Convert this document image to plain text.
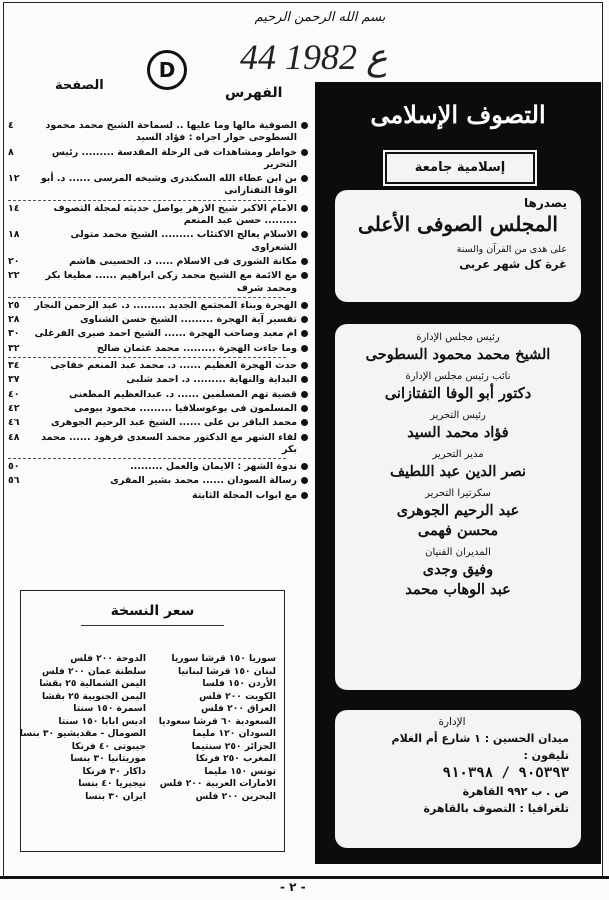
بسم الله الرحمن الرحيم
44 ع 1982
D
الصفحة	الفهرس
الصوفية مالها وما عليها .. لسماحة الشيخ محمد محمود السطوحى حوار اجراه : فؤاد السيد
٤
خواطر ومشاهدات فى الرحلة المقدسة ......... رئيس التحرير
٨
بن ابن عطاء الله السكندرى وشيخه المرسى ...... د. أبو الوفا التفتازانى
١٢
الامام الاكبر شيخ الازهر يواصل حديثه لمجلة التصوف ......... حسن عبد المنعم
١٤
الاسلام يعالج الاكتئاب ......... الشيخ محمد متولى الشعراوى
١٨
مكانة الشورى فى الاسلام ..... د. الحسينى هاشم
٢٠
مع الائمة مع الشيخ محمد زكى ابراهيم ...... مطيعا بكر ومحمد شرف
٢٢
الهجرة وبناء المجتمع الجديد ......... د. عبد الرحمن النجار
٢٥
تفسير آية الهجرة ......... الشيخ حسن الشناوى
٢٨
ام معبد وصاحب الهجرة ...... الشيخ احمد صبرى الفرغلى
٣٠
وما جاءت الهجرة ......... محمد عثمان صالح
٣٢
حدث الهجرة العظيم ...... د. محمد عبد المنعم خفاجى
٣٤
البداية والنهاية ......... د. احمد شلبى
٣٧
قضية تهم المسلمين ...... د. عبدالعظيم المطعنى
٤٠
المسلمون فى يوغوسلافيا ......... محمود بيومى
٤٢
محمد الباقر بن على ...... الشيخ عبد الرحيم الجوهرى
٤٦
لقاء الشهر مع الدكتور محمد السعدى فرهود ...... محمد بكر
٤٨
ندوة الشهر : الايمان والعمل .........
٥٠
رسالة السودان ...... محمد بشير المقرى
٥٦
مع ابواب المجلة الثابتة
سعر النسخة
سوريا ١٥٠ قرشا سوريا
لبنان ١٥٠ قرشا لبنانيا
الأردن ١٥٠ فلسا
الكويت ٢٠٠ فلس
العراق ٢٠٠ فلس
السعودية ٦٠ قرشا سعوديا
السودان ١٢٠ مليما
الجزائر ٢٥٠ سنتيما
المغرب ٢٥٠ فرنكا
تونس ١٥٠ مليما
الامارات العربية ٢٠٠ فلس
البحرين ٢٠٠ فلس
الدوحة ٢٠٠ فلس
سلطنة عمان ٢٠٠ فلس
اليمن الشمالية ٢٥ بقشا
اليمن الجنوبية ٢٥ بقشا
اسمرة ١٥٠ سنتا
اديس ابابا ١٥٠ سنتا
الصومال - مقديشيو ٣٠ بنسا
جيبوتى ٤٠ فرنكا
موريتانيا ٣٠ بنسا
داكار ٣٠ فرنكا
نيجيريا ٤٠ بنسا
ايران ٣٠ بنسا
التصوف الإسلامى
إسلامية جامعة
يصدرها
المجلس الصوفى الأعلى
على هدى من القرآن والسنة
غرة كل شهر عربى
رئيس مجلس الإدارة
الشيخ محمد محمود السطوحى
نائب رئيس مجلس الإدارة
دكتور أبو الوفا التفتازانى
رئيس التحرير
فؤاد محمد السيد
مدير التحرير
نصر الدين عبد اللطيف
سكرتيرا التحرير
عبد الرحيم الجوهرى
محسن فهمى
المديران الفنيان
وفيق وجدى
عبد الوهاب محمد
الإدارة
ميدان الحسين : ١ شارع أم الغلام
تليفون :
٩٠٥٣٩٣ / ٩١٠٣٩٨
ص . ب ٩٩٢ القاهرة
تلغرافيا : التصوف بالقاهرة
- ٢ -
